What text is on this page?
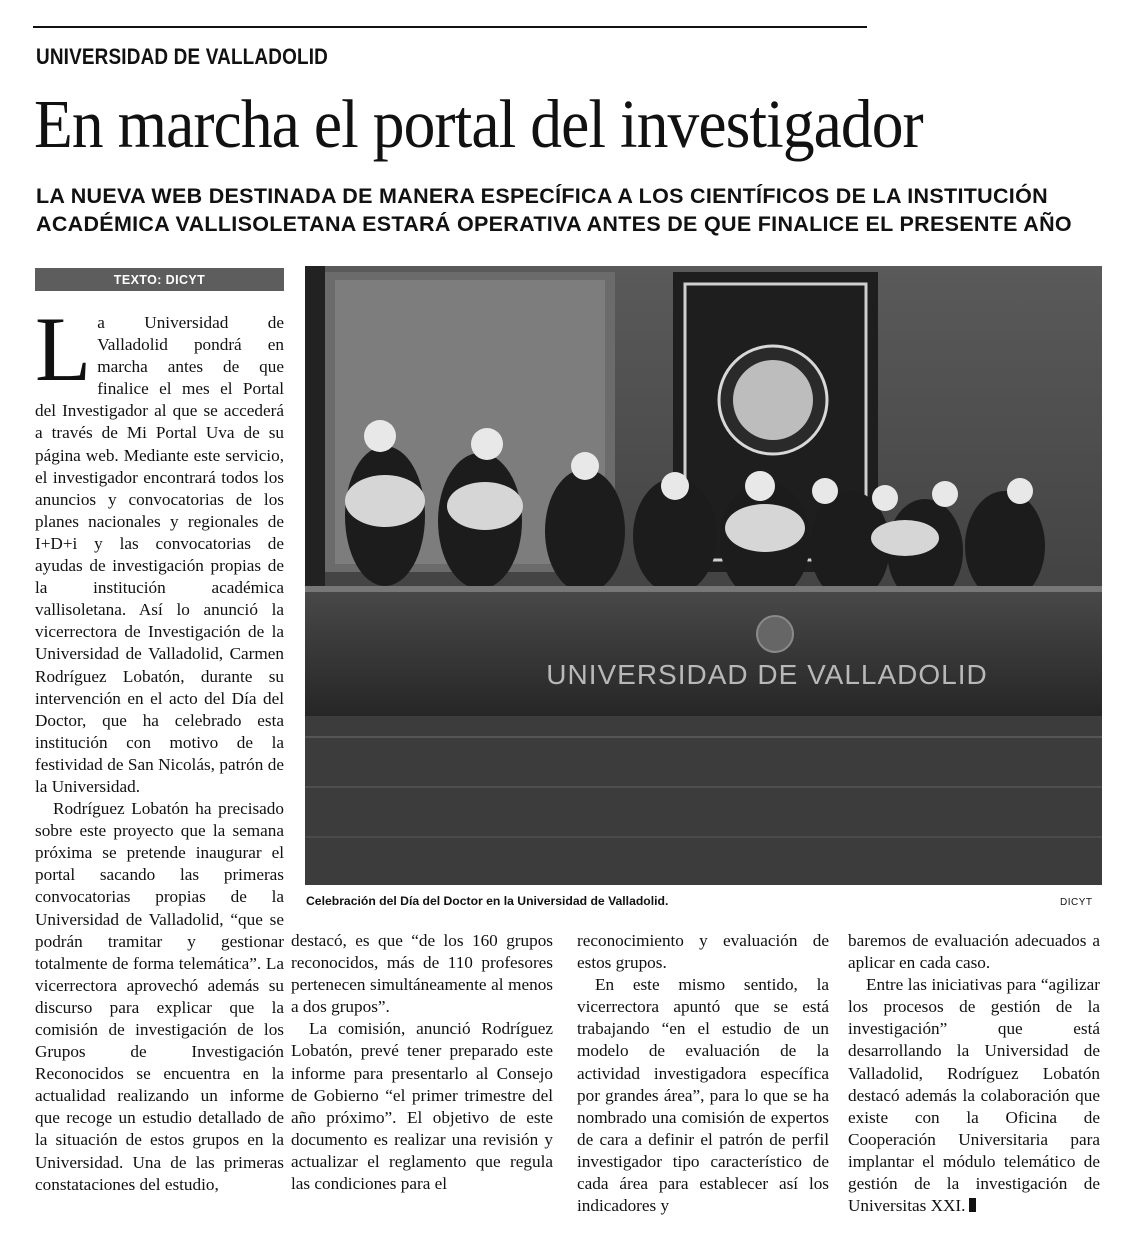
UNIVERSIDAD DE VALLADOLID
En marcha el portal del investigador
LA NUEVA WEB DESTINADA DE MANERA ESPECÍFICA A LOS CIENTÍFICOS DE LA INSTITUCIÓN
ACADÉMICA VALLISOLETANA ESTARÁ OPERATIVA ANTES DE QUE FINALICE EL PRESENTE AÑO
TEXTO: DICYT

La Universidad de Valladolid pondrá en marcha antes de que finalice el mes el Portal del Investigador al que se accederá a través de Mi Portal Uva de su página web. Mediante este servicio, el investigador encontrará todos los anuncios y convocatorias de los planes nacionales y regionales de I+D+i y las convocatorias de ayudas de investigación propias de la institución académica vallisoletana. Así lo anunció la vicerrectora de Investigación de la Universidad de Valladolid, Carmen Rodríguez Lobatón, durante su intervención en el acto del Día del Doctor, que ha celebrado esta institución con motivo de la festividad de San Nicolás, patrón de la Universidad.

Rodríguez Lobatón ha precisado sobre este proyecto que la semana próxima se pretende inaugurar el portal sacando las primeras convocatorias propias de la Universidad de Valladolid, “que se podrán tramitar y gestionar totalmente de forma telemática”. La vicerrectora aprovechó además su discurso para explicar que la comisión de investigación de los Grupos de Investigación Reconocidos se encuentra en la actualidad realizando un informe que recoge un estudio detallado de la situación de estos grupos en la Universidad. Una de las primeras constataciones del estudio,

UNIVERSIDAD DE VALLADOLID
Celebración del Día del Doctor en la Universidad de Valladolid.	DICYT

destacó, es que “de los 160 grupos reconocidos, más de 110 profesores pertenecen simultáneamente al menos a dos grupos”.

La comisión, anunció Rodríguez Lobatón, prevé tener preparado este informe para presentarlo al Consejo de Gobierno “el primer trimestre del año próximo”. El objetivo de este documento es realizar una revisión y actualizar el reglamento que regula las condiciones para el

reconocimiento y evaluación de estos grupos.

En este mismo sentido, la vicerrectora apuntó que se está trabajando “en el estudio de un modelo de evaluación de la actividad investigadora específica por grandes área”, para lo que se ha nombrado una comisión de expertos de cara a definir el patrón de perfil investigador tipo característico de cada área para establecer así los indicadores y

baremos de evaluación adecuados a aplicar en cada caso.

Entre las iniciativas para “agilizar los procesos de gestión de la investigación” que está desarrollando la Universidad de Valladolid, Rodríguez Lobatón destacó además la colaboración que existe con la Oficina de Cooperación Universitaria para implantar el módulo telemático de gestión de la investigación de Universitas XXI.
